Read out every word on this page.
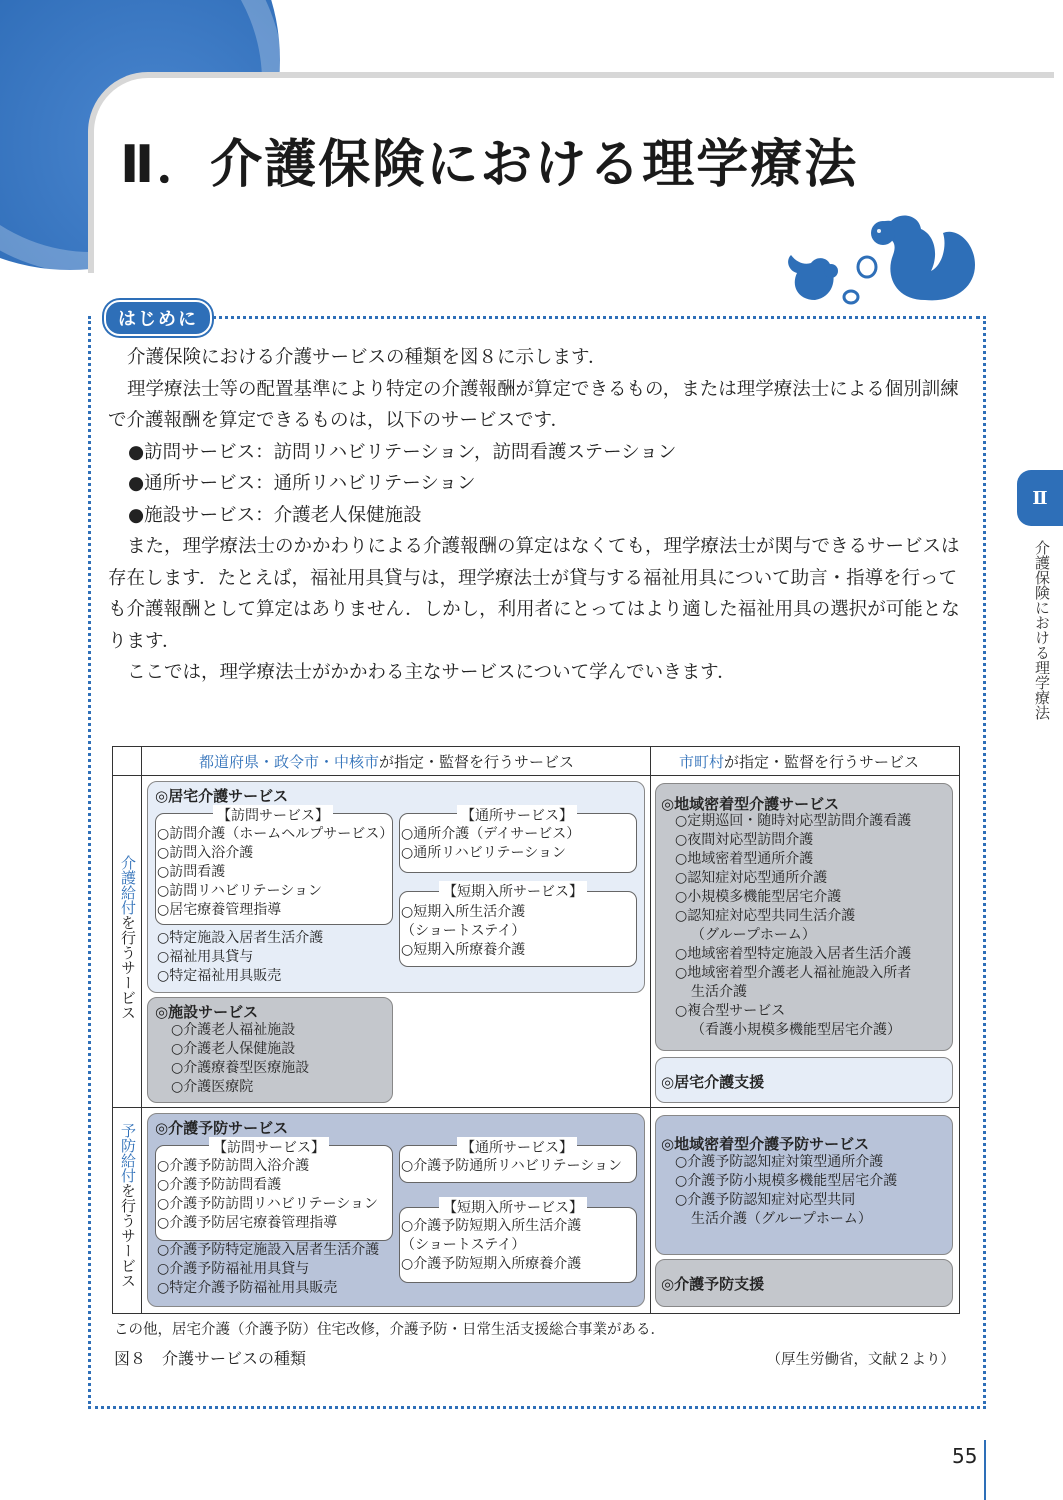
Ⅱ．介護保険における理学療法
はじめに

介護保険における介護サービスの種類を図８に示します．

理学療法士等の配置基準により特定の介護報酬が算定できるもの，または理学療法士による個別訓練で介護報酬を算定できるものは，以下のサービスです．

●訪問サービス：訪問リハビリテーション，訪問看護ステーション

●通所サービス：通所リハビリテーション

●施設サービス：介護老人保健施設

また，理学療法士のかかわりによる介護報酬の算定はなくても，理学療法士が関与できるサービスは存在します．たとえば，福祉用具貸与は，理学療法士が貸与する福祉用具について助言・指導を行っても介護報酬として算定はありません．しかし，利用者にとってはより適した福祉用具の選択が可能となります．

ここでは，理学療法士がかかわる主なサービスについて学んでいきます．

Ⅱ
介護保険における理学療法
都道府県・政令市・中核市が指定・監督を行うサービス	市町村が指定・監督を行うサービス
介護給付を行うサービス
予防給付を行うサービス
◎居宅介護サービス
【訪問サービス】
○訪問介護（ホームヘルプサービス）
○訪問入浴介護
○訪問看護
○訪問リハビリテーション
○居宅療養管理指導
【通所サービス】
○通所介護（デイサービス）
○通所リハビリテーション
【短期入所サービス】
○短期入所生活介護
（ショートステイ）
○短期入所療養介護
○特定施設入居者生活介護
○福祉用具貸与
○特定福祉用具販売
◎施設サービス
○介護老人福祉施設
○介護老人保健施設
○介護療養型医療施設
○介護医療院
◎地域密着型介護サービス
○定期巡回・随時対応型訪問介護看護
○夜間対応型訪問介護
○地域密着型通所介護
○認知症対応型通所介護
○小規模多機能型居宅介護
○認知症対応型共同生活介護
（グループホーム）
○地域密着型特定施設入居者生活介護
○地域密着型介護老人福祉施設入所者
生活介護
○複合型サービス
（看護小規模多機能型居宅介護）
◎居宅介護支援
◎介護予防サービス
【訪問サービス】
○介護予防訪問入浴介護
○介護予防訪問看護
○介護予防訪問リハビリテーション
○介護予防居宅療養管理指導
【通所サービス】
○介護予防通所リハビリテーション
【短期入所サービス】
○介護予防短期入所生活介護
（ショートステイ）
○介護予防短期入所療養介護
○介護予防特定施設入居者生活介護
○介護予防福祉用具貸与
○特定介護予防福祉用具販売
◎地域密着型介護予防サービス
○介護予防認知症対策型通所介護
○介護予防小規模多機能型居宅介護
○介護予防認知症対応型共同
生活介護（グループホーム）
◎介護予防支援
この他，居宅介護（介護予防）住宅改修，介護予防・日常生活支援総合事業がある．
図８　介護サービスの種類	（厚生労働省，文献２より）
55
